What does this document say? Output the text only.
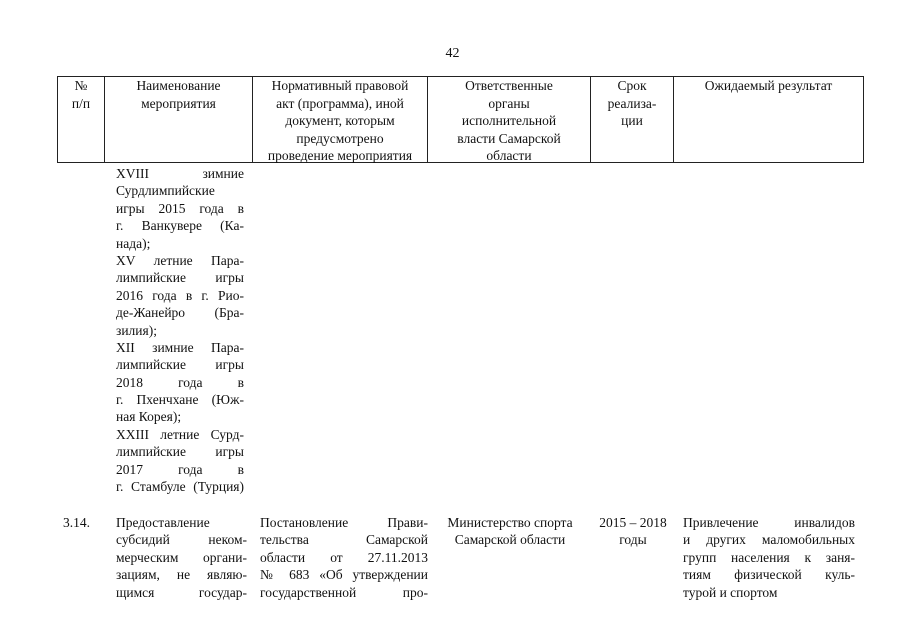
42
№
п/п
Наименование
мероприятия
Нормативный правовой
акт (программа), иной
документ, которым
предусмотрено
проведение мероприятия
Ответственные
органы
исполнительной
власти Самарской
области
Срок
реализа-
ции
Ожидаемый результат
XVIII зимние
Сурдлимпийские
игры 2015 года в
г. Ванкувере (Ка-
нада);
XV летние Пара-
лимпийские игры
2016 года в г. Рио-
де-Жанейро (Бра-
зилия);
XII зимние Пара-
лимпийские игры
2018 года в
г. Пхенчхане (Юж-
ная Корея);
XXIII летние Сурд-
лимпийские игры
2017 года в
г. Стамбуле (Турция)
3.14.	Предоставление
субсидий неком-
мерческим органи-
зациям, не являю-
щимся государ-
Постановление Прави-
тельства Самарской
области от 27.11.2013
№ 683 «Об утверждении
государственной про-
Министерство спорта
Самарской области
2015 – 2018 годы
Привлечение инвалидов
и других маломобильных
групп населения к заня-
тиям физической куль-
турой и спортом
